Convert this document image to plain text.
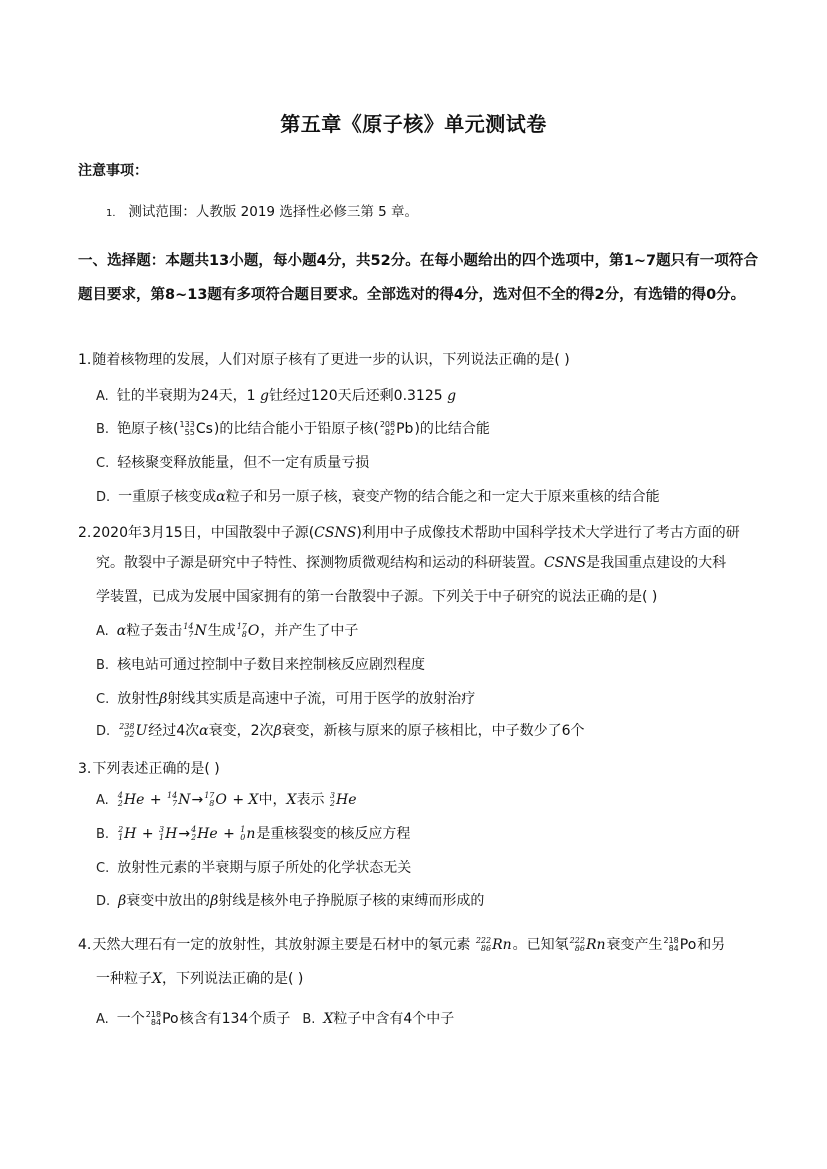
第五章《原子核》单元测试卷
注意事项：
1． 测试范围：人教版 2019 选择性必修三第 5 章。
一、选择题：本题共13小题，每小题4分，共52分。在每小题给出的四个选项中，第1~7题只有一项符合题目要求，第8~13题有多项符合题目要求。全部选对的得4分，选对但不全的得2分，有选错的得0分。
1.随着核物理的发展，人们对原子核有了更进一步的认识，下列说法正确的是( )
A. 钍的半衰期为24天，1 g钍经过120天后还剩0.3125 g
B. 铯原子核( 133
55 Cs )的比结合能小于铅原子核( 208
82 Pb )的比结合能
C. 轻核聚变释放能量，但不一定有质量亏损
D. 一重原子核变成α粒子和另一原子核，衰变产物的结合能之和一定大于原来重核的结合能
2.2020年3月15日，中国散裂中子源(CSNS)利用中子成像技术帮助中国科学技术大学进行了考古方面的研
究。散裂中子源是研究中子特性、探测物质微观结构和运动的科研装置。CSNS是我国重点建设的大科
学装置，已成为发展中国家拥有的第一台散裂中子源。下列关于中子研究的说法正确的是( )
A. α粒子轰击 14
7 N 生成 17
8 O ，并产生了中子
B. 核电站可通过控制中子数目来控制核反应剧烈程度
C. 放射性β射线其实质是高速中子流，可用于医学的放射治疗
D. 238
92 U 经过4次α衰变，2次β衰变，新核与原来的原子核相比，中子数少了6个
3.下列表述正确的是( )
A. 4
2 He + 14
7 N → 17
8 O + X中，X表示 3
2 He
B. 2
1 H + 3
1 H → 4
2 He + 1
0 n 是重核裂变的核反应方程
C. 放射性元素的半衰期与原子所处的化学状态无关
D. β衰变中放出的β射线是核外电子挣脱原子核的束缚而形成的
4.天然大理石有一定的放射性，其放射源主要是石材中的氡元素 222
86 Rn 。已知氡 222
86 Rn 衰变产生 218
84 Po 和另
一种粒子X，下列说法正确的是( )
A. 一个 218
84 Po 核含有134个质子 B. X粒子中含有4个中子
